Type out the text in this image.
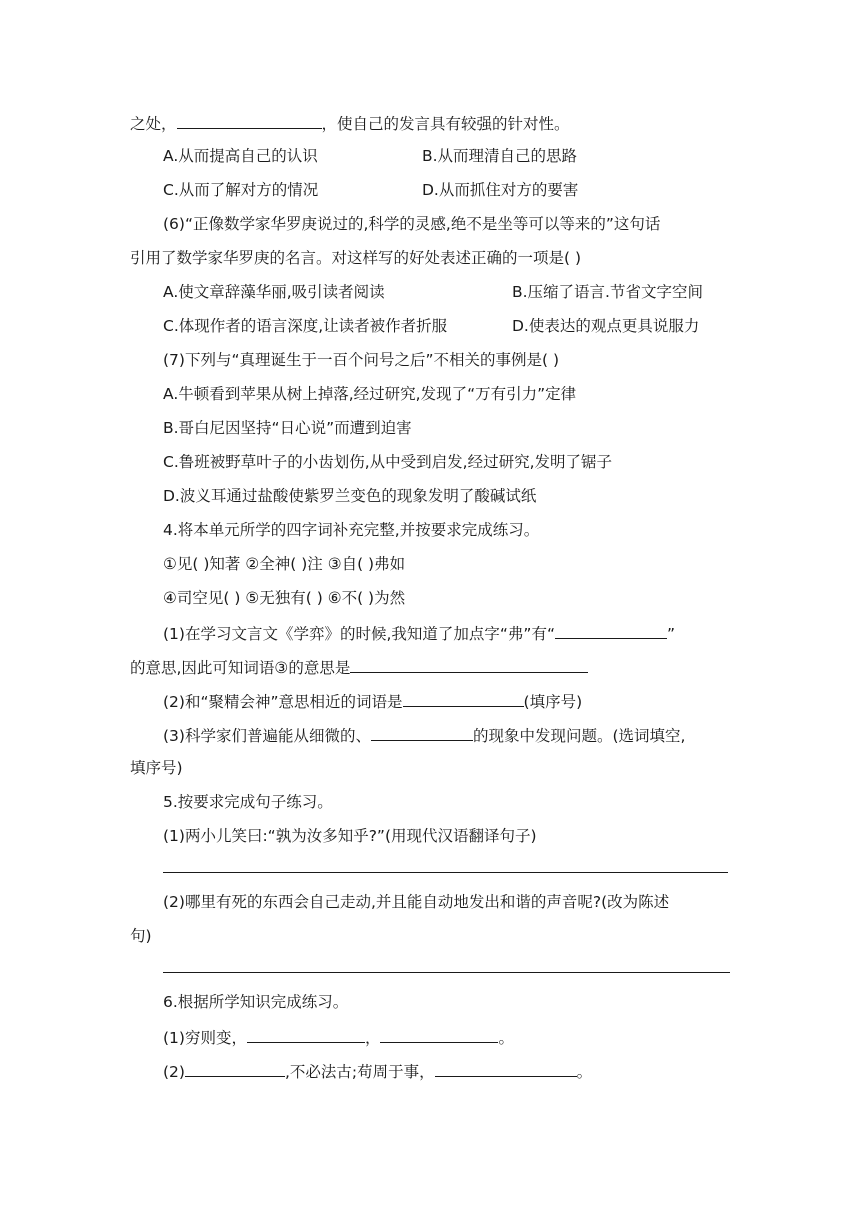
之处，	，使自己的发言具有较强的针对性。
A.从而提高自己的认识	B.从而理清自己的思路
C.从而了解对方的情况	D.从而抓住对方的要害
(6)“正像数学家华罗庚说过的,科学的灵感,绝不是坐等可以等来的”这句话
引用了数学家华罗庚的名言。对这样写的好处表述正确的一项是( )
A.使文章辞藻华丽,吸引读者阅读	B.压缩了语言.节省文字空间
C.体现作者的语言深度,让读者被作者折服	D.使表达的观点更具说服力
(7)下列与“真理诞生于一百个问号之后”不相关的事例是( )
A.牛顿看到苹果从树上掉落,经过研究,发现了“万有引力”定律
B.哥白尼因坚持“日心说”而遭到迫害
C.鲁班被野草叶子的小齿划伤,从中受到启发,经过研究,发明了锯子
D.波义耳通过盐酸使紫罗兰变色的现象发明了酸碱试纸
4.将本单元所学的四字词补充完整,并按要求完成练习。
①见( )知著 ②全神( )注 ③自( )弗如
④司空见( ) ⑤无独有( ) ⑥不( )为然
(1)在学习文言文《学弈》的时候,我知道了加点字“弗”有“	”
的意思,因此可知词语③的意思是
(2)和“聚精会神”意思相近的词语是	(填序号)
(3)科学家们普遍能从细微的、	的现象中发现问题。(选词填空,
填序号)
5.按要求完成句子练习。
(1)两小儿笑曰:“孰为汝多知乎?”(用现代汉语翻译句子)
(2)哪里有死的东西会自己走动,并且能自动地发出和谐的声音呢?(改为陈述
句)
6.根据所学知识完成练习。
(1)穷则变，	，	。
(2)	,不必法古;苟周于事，	。
